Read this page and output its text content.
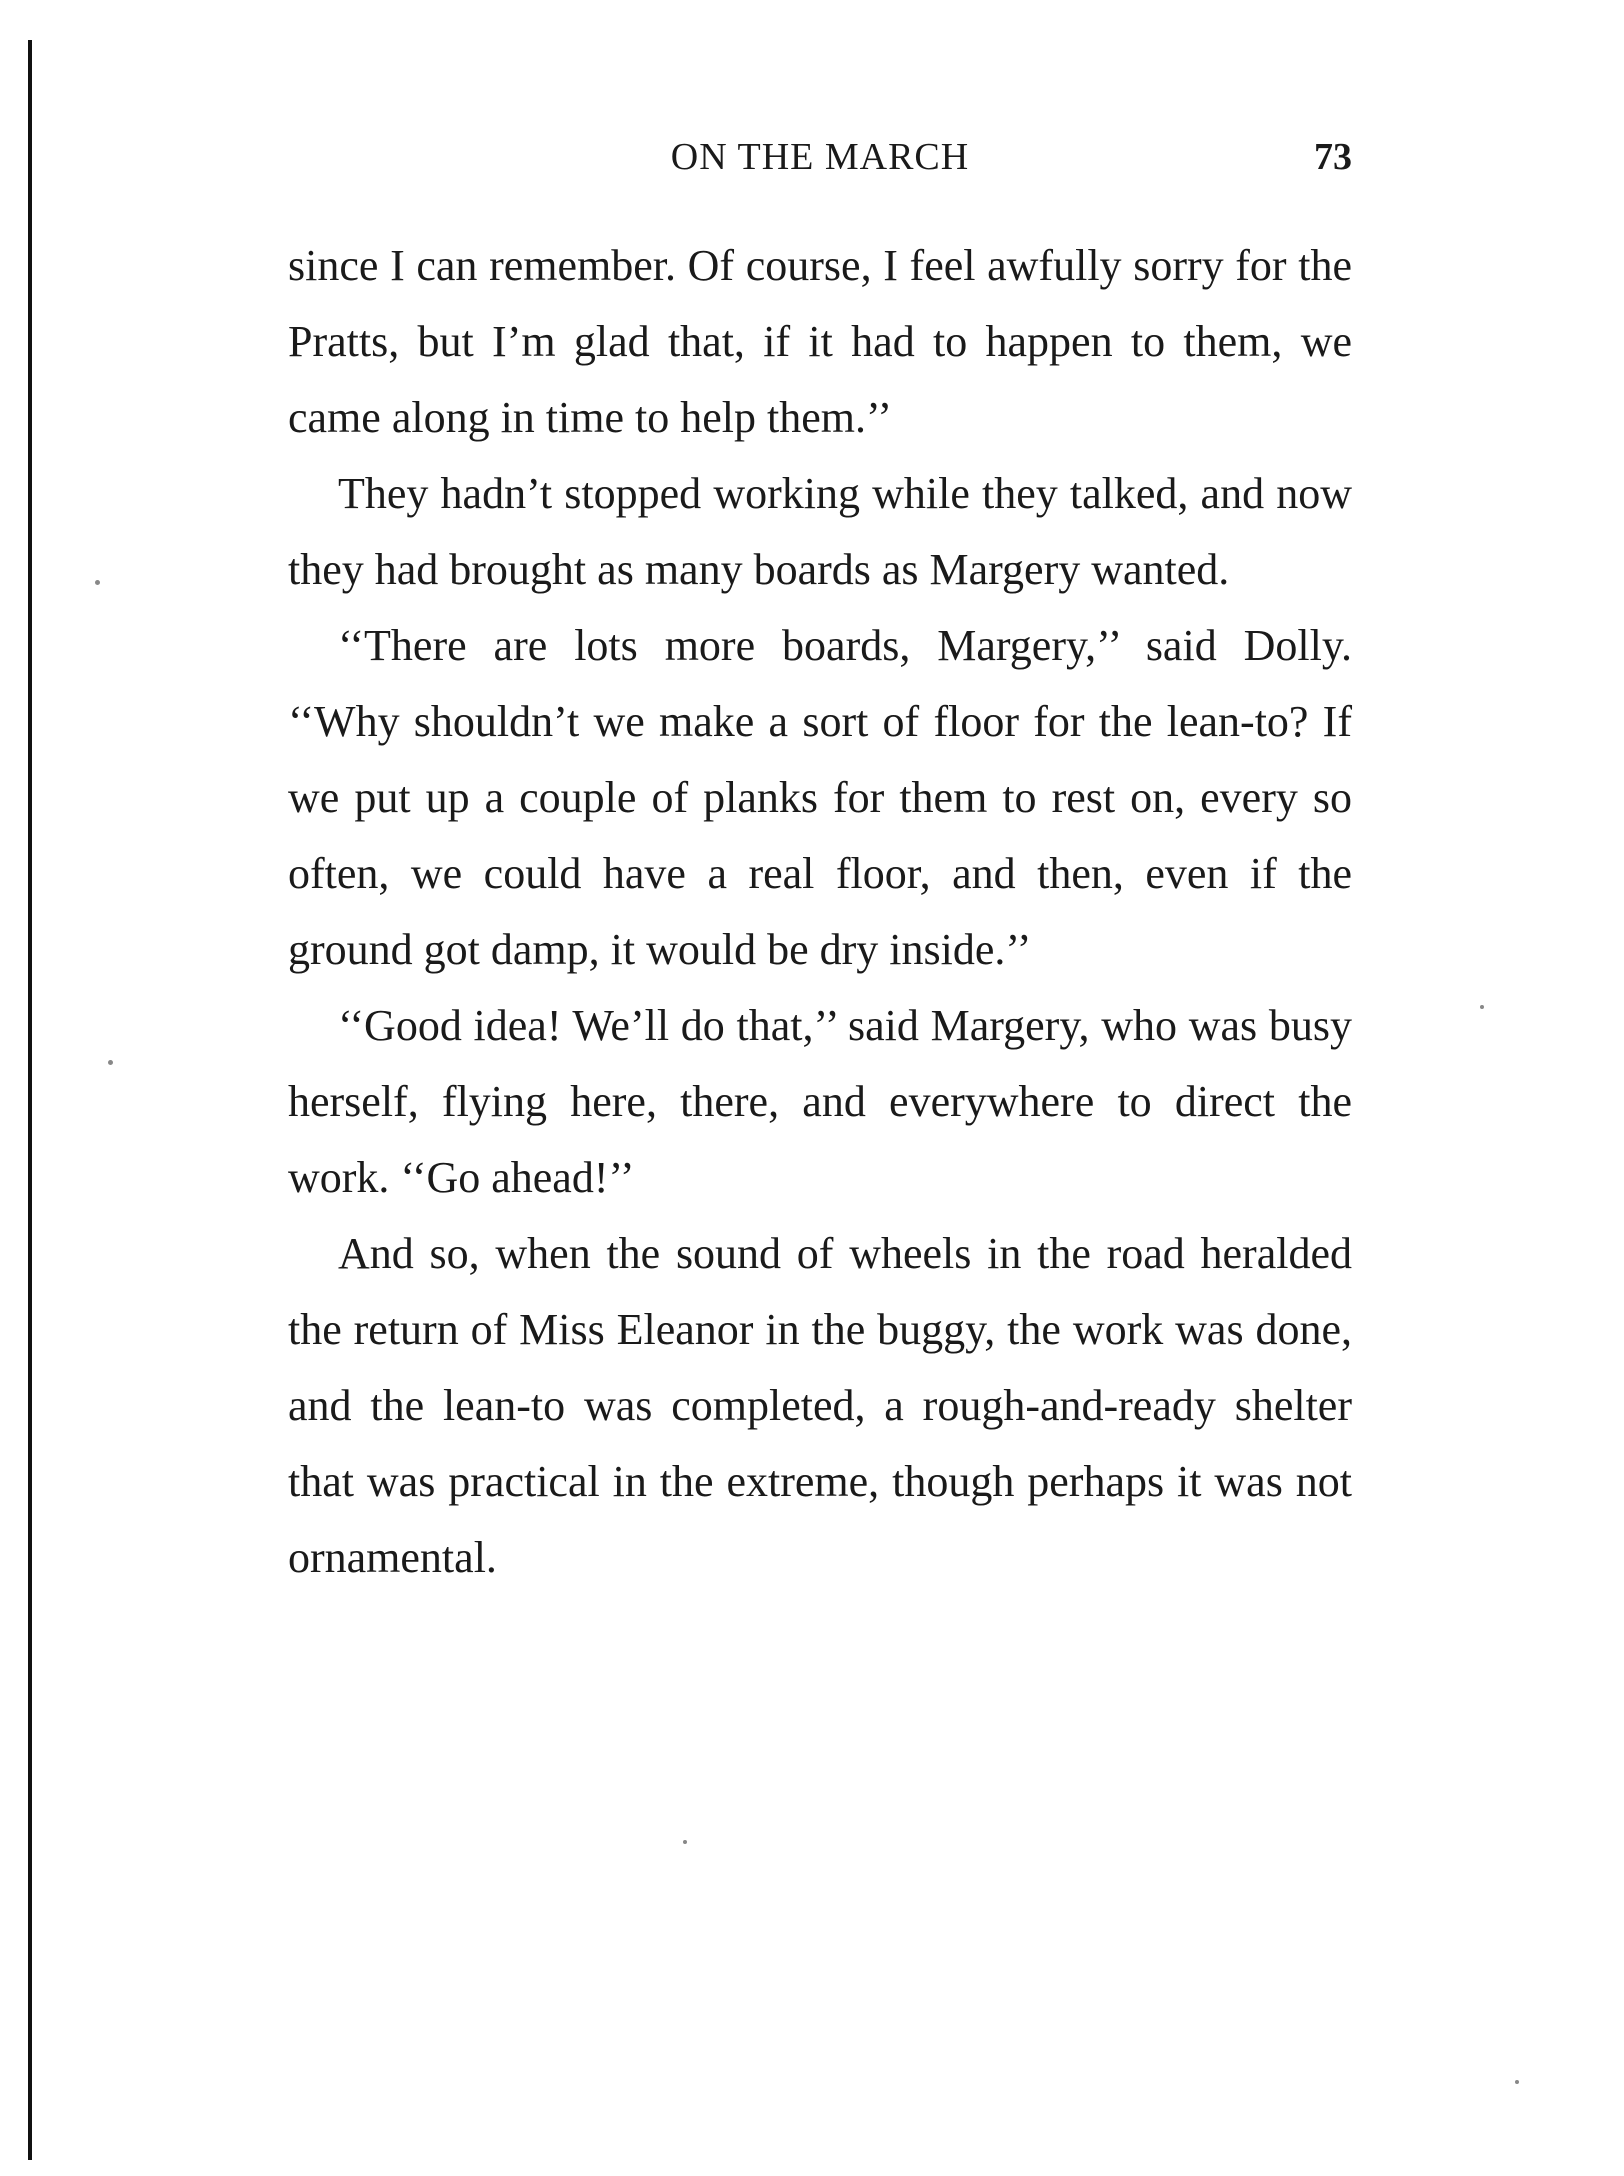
ON THE MARCH	73

since I can remember. Of course, I feel awfully sorry for the Pratts, but I’m glad that, if it had to happen to them, we came along in time to help them.’’

They hadn’t stopped working while they talked, and now they had brought as many boards as Margery wanted.

‘‘There are lots more boards, Margery,’’ said Dolly. ‘‘Why shouldn’t we make a sort of floor for the lean-to? If we put up a couple of planks for them to rest on, every so often, we could have a real floor, and then, even if the ground got damp, it would be dry inside.’’

‘‘Good idea! We’ll do that,’’ said Margery, who was busy herself, flying here, there, and everywhere to direct the work. ‘‘Go ahead!’’

And so, when the sound of wheels in the road heralded the return of Miss Eleanor in the buggy, the work was done, and the lean-to was completed, a rough-and-ready shelter that was practical in the extreme, though perhaps it was not ornamental.
